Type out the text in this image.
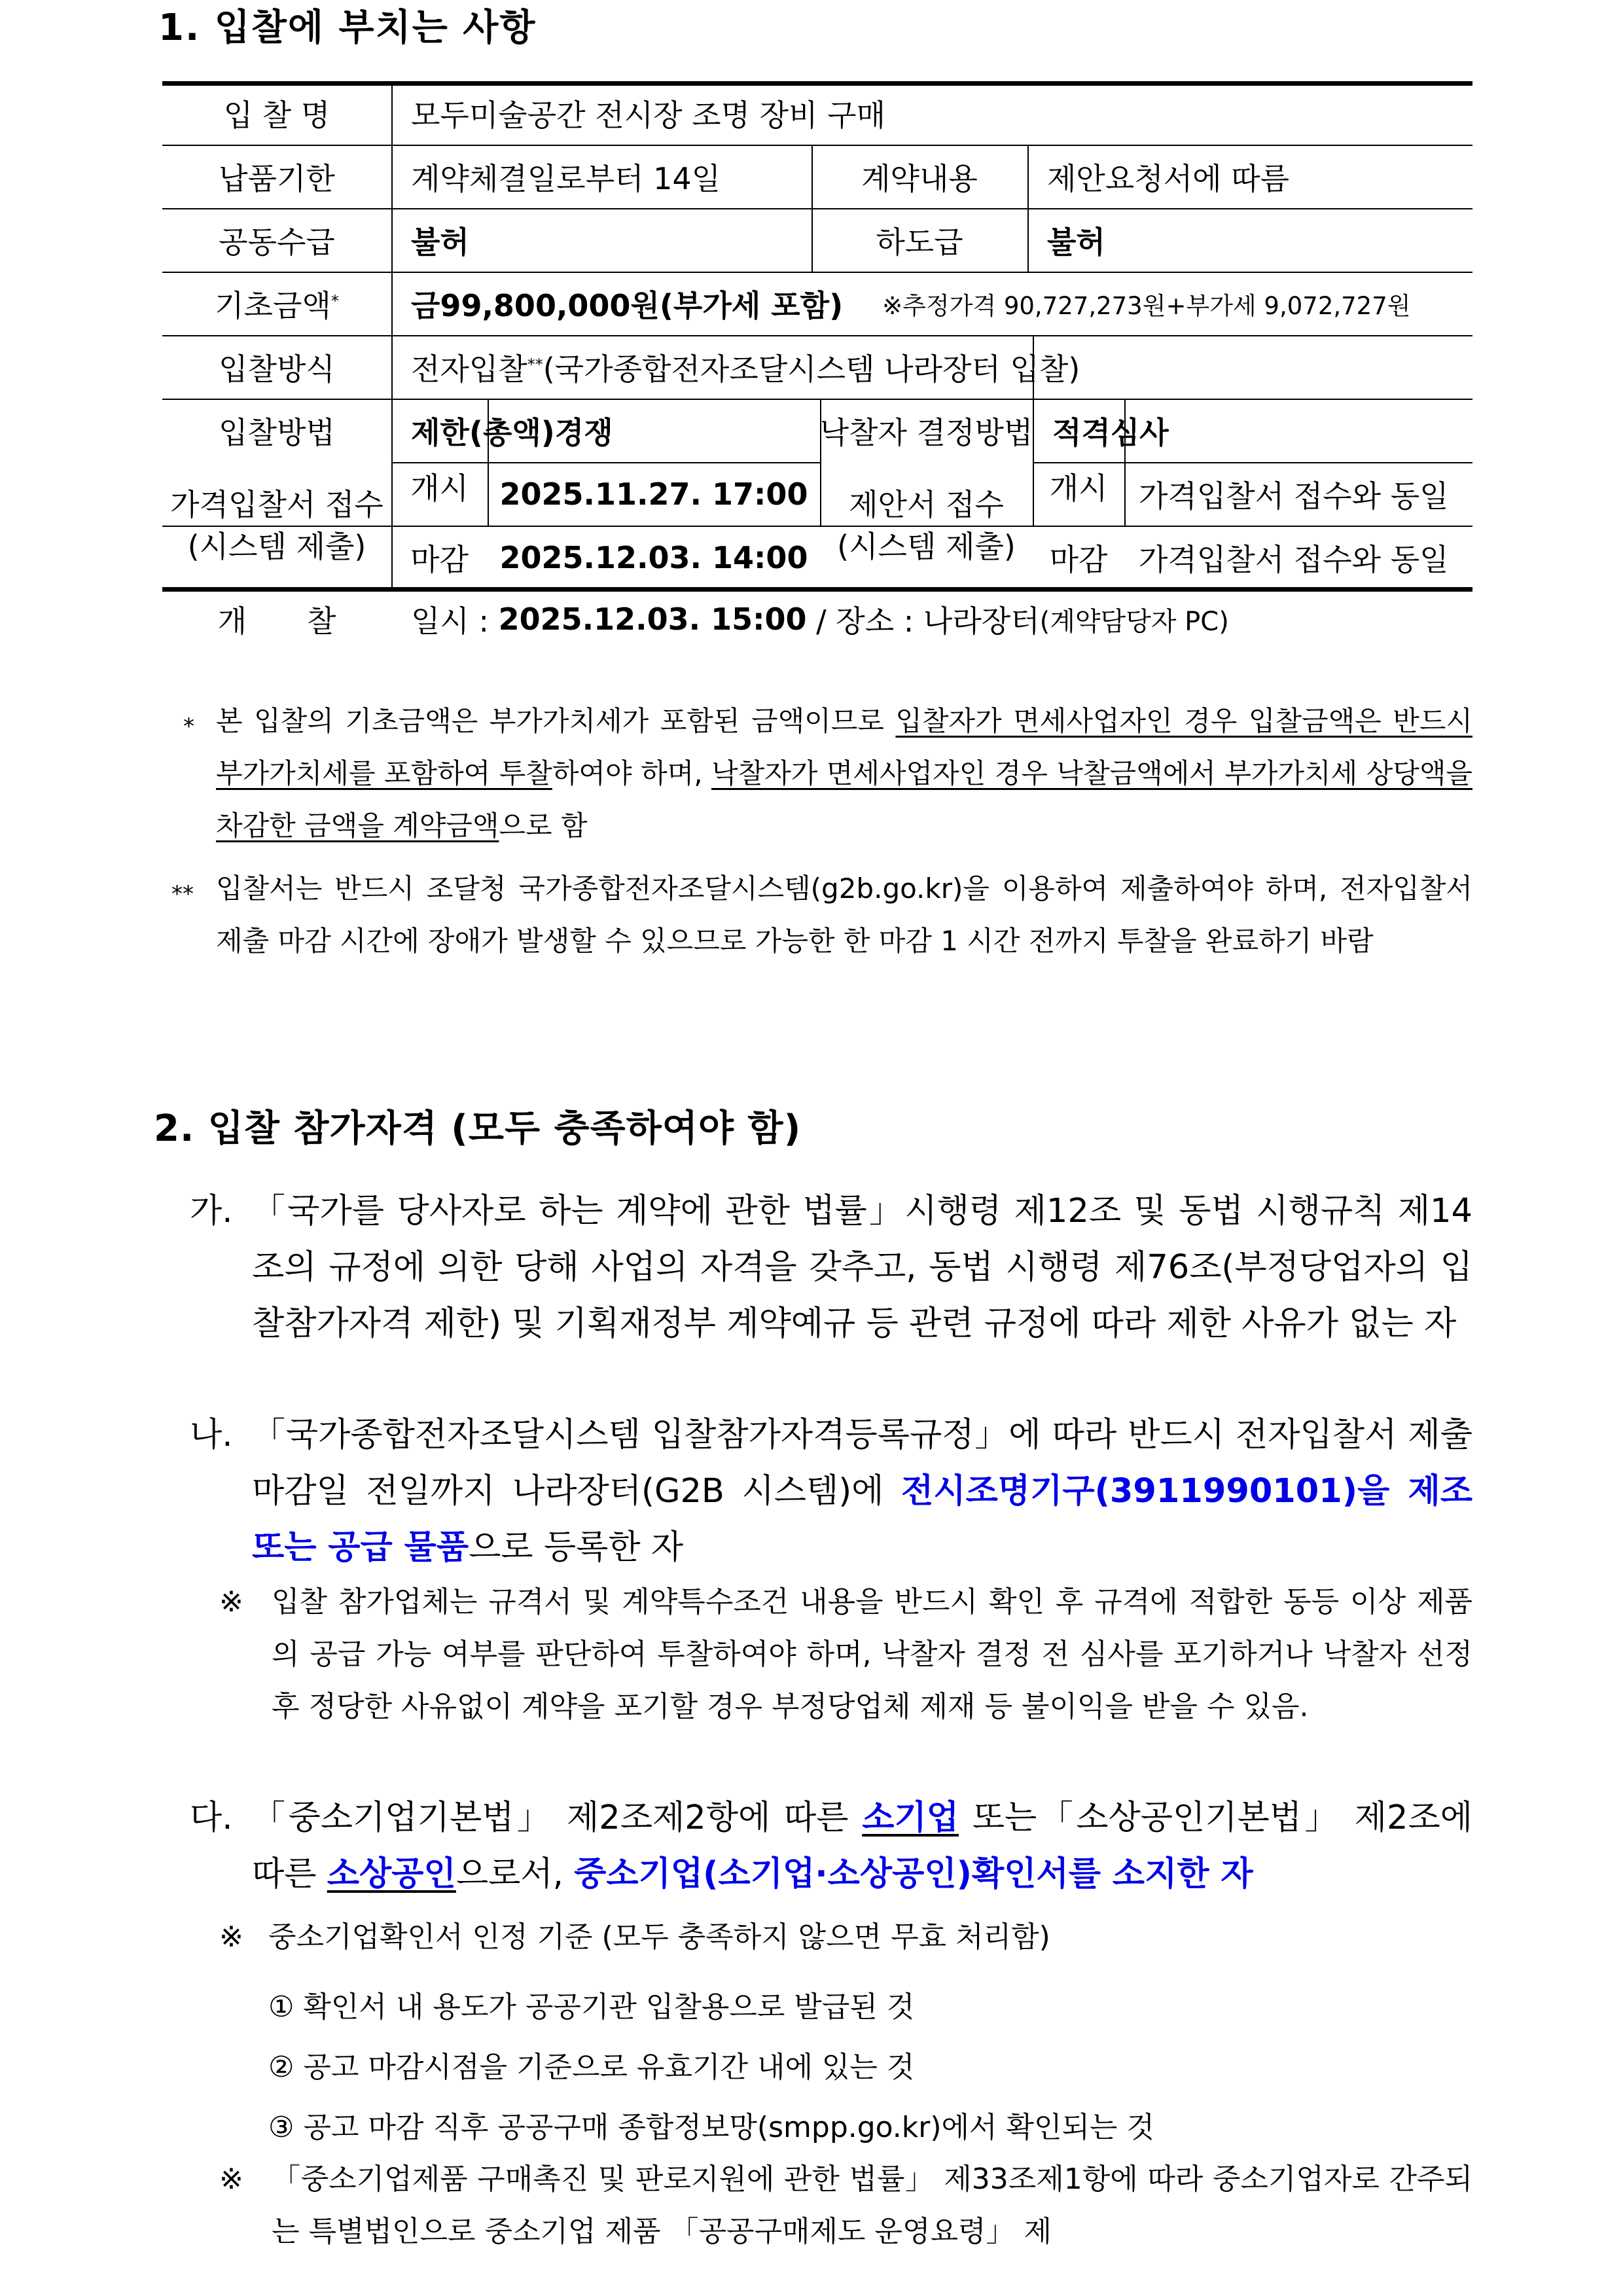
1. 입찰에 부치는 사항
입 찰 명	모두미술공간 전시장 조명 장비 구매
납품기한	계약체결일로부터 14일	계약내용	제안요청서에 따름
공동수급	불허	하도급	불허
기초금액* 금99,800,000원(부가세 포함) ※추정가격 90,727,273원+부가세 9,072,727원
입찰방식	전자입찰** (국가종합전자조달시스템 나라장터 입찰)
입찰방법	제한(총액)경쟁	낙찰자 결정방법 적격심사
가격입찰서 접수
(시스템 제출)
개시	2025.11.27. 17:00
마감	2025.12.03. 14:00
제안서 접수
(시스템 제출)
개시	가격입찰서 접수와 동일
마감	가격입찰서 접수와 동일
개　　찰	일시 : 2025.12.03. 15:00 / 장소 : 나라장터 (계약담당자 PC)
* 본 입찰의 기초금액은 부가가치세가 포함된 금액이므로 입찰자가 면세사업자인 경우 입찰금액은 반드시 부가가치세를 포함하여 투찰하여야 하며, 낙찰자가 면세사업자인 경우 낙찰금액에서 부가가치세 상당액을 차감한 금액을 계약금액으로 함
** 입찰서는 반드시 조달청 국가종합전자조달시스템(g2b.go.kr)을 이용하여 제출하여야 하며, 전자입찰서 제출 마감 시간에 장애가 발생할 수 있으므로 가능한 한 마감 1 시간 전까지 투찰을 완료하기 바람
2. 입찰 참가자격 (모두 충족하여야 함)
가. 「국가를 당사자로 하는 계약에 관한 법률」시행령 제12조 및 동법 시행규칙 제14조의 규정에 의한 당해 사업의 자격을 갖추고, 동법 시행령 제76조(부정당업자의 입찰참가자격 제한) 및 기획재정부 계약예규 등 관련 규정에 따라 제한 사유가 없는 자
나. 「국가종합전자조달시스템 입찰참가자격등록규정」에 따라 반드시 전자입찰서 제출 마감일 전일까지 나라장터(G2B 시스템)에 전시조명기구(3911990101)을 제조 또는 공급 물품으로 등록한 자
※ 입찰 참가업체는 규격서 및 계약특수조건 내용을 반드시 확인 후 규격에 적합한 동등 이상 제품의 공급 가능 여부를 판단하여 투찰하여야 하며, 낙찰자 결정 전 심사를 포기하거나 낙찰자 선정 후 정당한 사유없이 계약을 포기할 경우 부정당업체 제재 등 불이익을 받을 수 있음.
다. 「중소기업기본법」 제2조제2항에 따른 소기업 또는「소상공인기본법」 제2조에 따른 소상공인으로서, 중소기업(소기업·소상공인)확인서를 소지한 자
※ 중소기업확인서 인정 기준 (모두 충족하지 않으면 무효 처리함)
① 확인서 내 용도가 공공기관 입찰용으로 발급된 것
② 공고 마감시점을 기준으로 유효기간 내에 있는 것
③ 공고 마감 직후 공공구매 종합정보망(smpp.go.kr)에서 확인되는 것
※ 「중소기업제품 구매촉진 및 판로지원에 관한 법률」 제33조제1항에 따라 중소기업자로 간주되는 특별법인으로 중소기업 제품 「공공구매제도 운영요령」 제
